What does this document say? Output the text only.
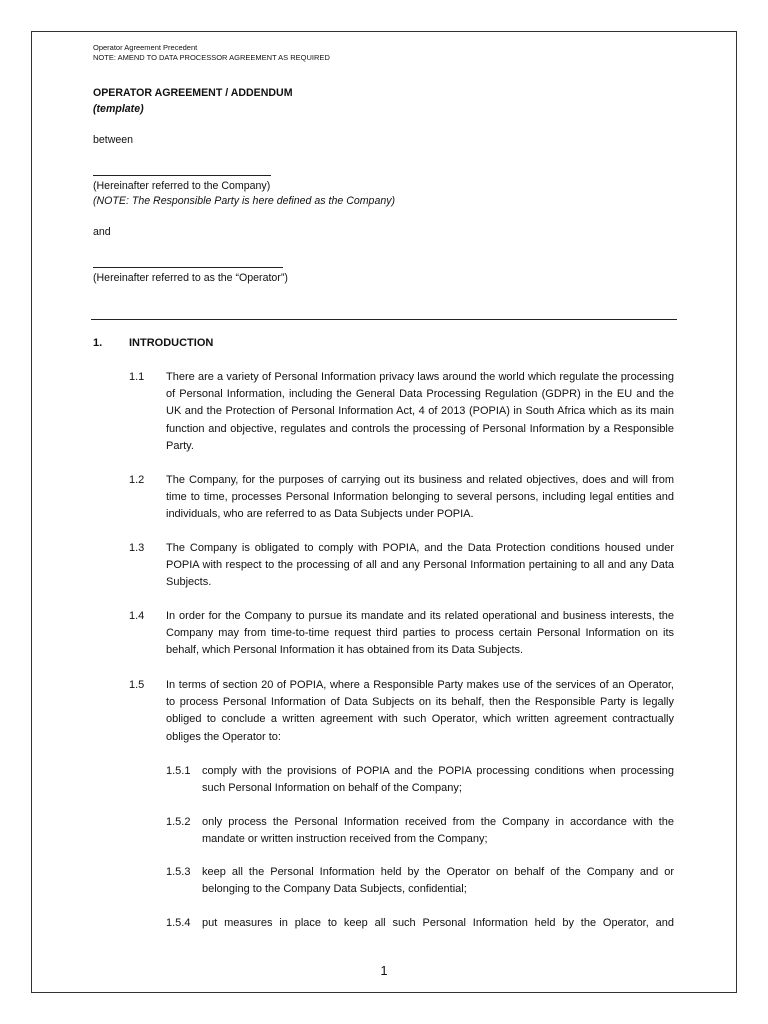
Operator Agreement Precedent
NOTE: AMEND TO DATA PROCESSOR AGREEMENT AS REQUIRED
OPERATOR AGREEMENT / ADDENDUM
(template)
between
(Hereinafter referred to the Company)
(NOTE: The Responsible Party is here defined as the Company)
and
(Hereinafter referred to as the “Operator”)
1. INTRODUCTION
1.1 There are a variety of Personal Information privacy laws around the world which regulate the processing of Personal Information, including the General Data Processing Regulation (GDPR) in the EU and the UK and the Protection of Personal Information Act, 4 of 2013 (POPIA) in South Africa which as its main function and objective, regulates and controls the processing of Personal Information by a Responsible Party.
1.2 The Company, for the purposes of carrying out its business and related objectives, does and will from time to time, processes Personal Information belonging to several persons, including legal entities and individuals, who are referred to as Data Subjects under POPIA.
1.3 The Company is obligated to comply with POPIA, and the Data Protection conditions housed under POPIA with respect to the processing of all and any Personal Information pertaining to all and any Data Subjects.
1.4 In order for the Company to pursue its mandate and its related operational and business interests, the Company may from time-to-time request third parties to process certain Personal Information on its behalf, which Personal Information it has obtained from its Data Subjects.
1.5 In terms of section 20 of POPIA, where a Responsible Party makes use of the services of an Operator, to process Personal Information of Data Subjects on its behalf, then the Responsible Party is legally obliged to conclude a written agreement with such Operator, which written agreement contractually obliges the Operator to:
1.5.1 comply with the provisions of POPIA and the POPIA processing conditions when processing such Personal Information on behalf of the Company;
1.5.2 only process the Personal Information received from the Company in accordance with the mandate or written instruction received from the Company;
1.5.3 keep all the Personal Information held by the Operator on behalf of the Company and or belonging to the Company Data Subjects, confidential;
1.5.4 put measures in place to keep all such Personal Information held by the Operator, and
1
